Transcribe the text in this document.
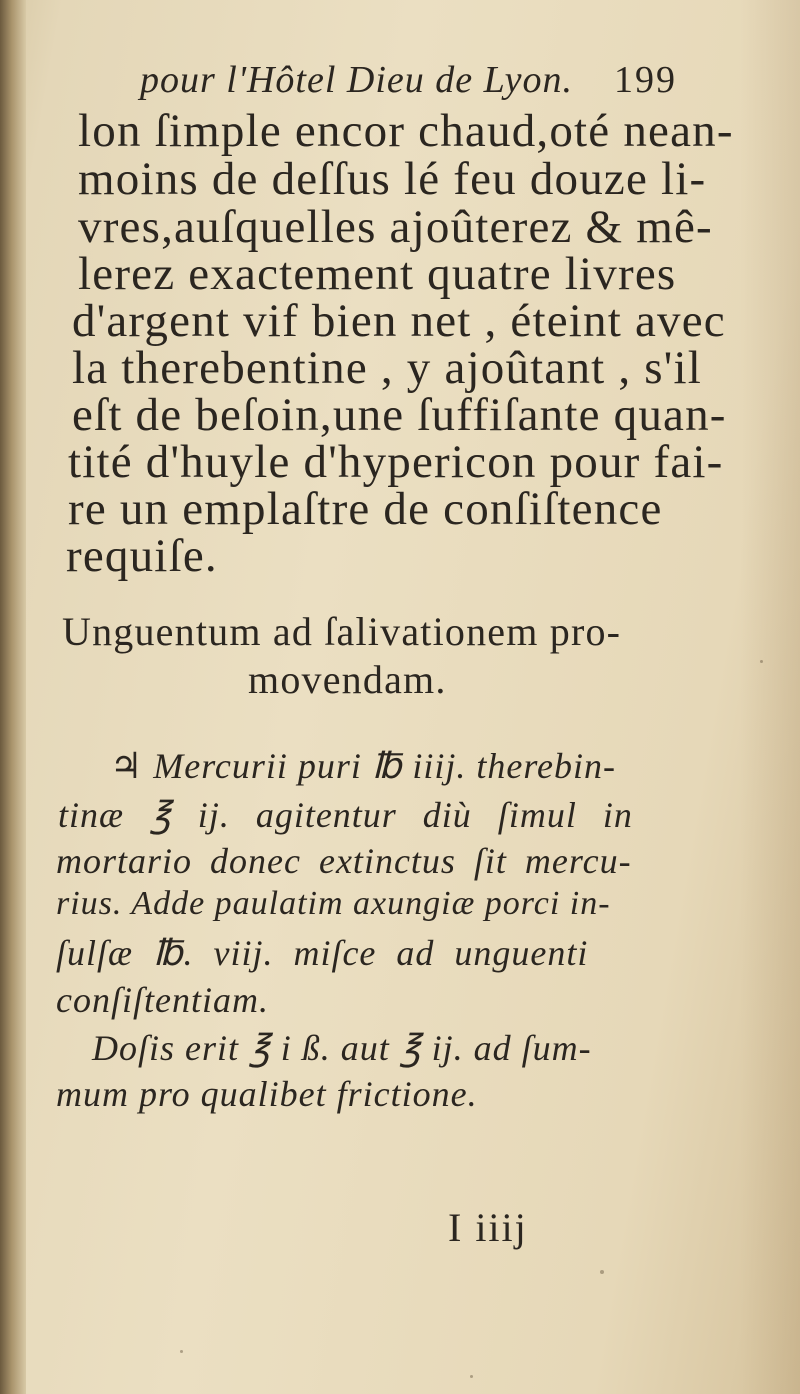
pour l'Hôtel Dieu de Lyon. 199
lon ſimple encor chaud,oté nean-
moins de deſſus lé feu douze li-
vres,auſquelles ajoûterez & mê-
lerez exactement quatre livres
d'argent vif bien net , éteint avec
la therebentine , y ajoûtant , s'il
eſt de beſoin,une ſuffiſante quan-
tité d'huyle d'hypericon pour fai-
re un emplaſtre de conſiſtence
requiſe.
Unguentum ad ſalivationem pro-
movendam.
♃ Mercurii puri ℔ iiij. therebin-
tinæ ℥ ij. agitentur diù ſimul in
mortario donec extinctus ſit mercu-
rius. Adde paulatim axungiæ porci in-
ſulſæ ℔. viij. miſce ad unguenti
conſiſtentiam.
Doſis erit ℥ i ß. aut ℥ ij. ad ſum-
mum pro qualibet frictione.
I iiij
